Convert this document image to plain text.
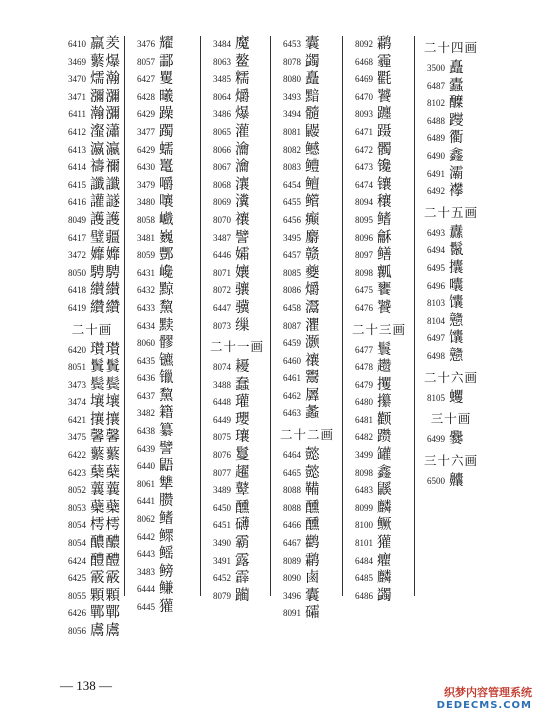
6410 羸羑
3469 蘩爆
3470 燸瀚
3471 瀰瀰
6411 瀚瀰
6412 瀣瀟
6413 瀛瀛
6414 禱禰
6415 讖讖
6416 讙譢
8049 護護
6417 璧疆
3472 孊孊
8050 騁騁
6418 纉纉
6419 纘纘
二十画
6420 瓉瓉
8051 鬒鬒
3473 鬓鬓
3474 壤壤
6421 攘攘
3475 馨馨
6422 蘩蘩
6423 蘖蘖
8052 蘘蘘
8053 蘗蘗
8054 樗樗
8054 醲醲
6424 醴醴
6425 霰霰
8055 顆顆
6426 鄲鄲
8056 鬳鬳
3476 耀
8057 酃
6427 矍
6428 曦
6429 躁
3477 躅
6429 蠕
6430 鼍
3479 嚼
3480 嚷
8058 巇
3481 巍
8059 酆
6431 巉
6432 黥
6433 黧
6434 黩
8060 髎
6435 镳
6436 镴
6437 黧
3482 籍
6438 纂
6439 譬
6440 鼯
8061 犨
6441 臜
8062 鳍
6442 鳏
6443 鳐
3483 鳑
6444 鳒
6445 獾
3484 魔
8063 鳌
3485 糯
8064 爝
3486 爆
8065 灌
8066 瀹
8067 瀹
8068 瀼
8069 瀵
8070 禳
3487 譬
6446 孀
8071 孃
8072 骧
6447 骥
8073 缫
二十一画
8074 耰
3488 蠢
6448 瓘
6449 瓔
8075 瓖
8076 鬘
8077 趯
3489 鼙
6450 醺
6451 礴
3490 霸
3491 露
6452 霹
8079 躏
6453 囊
8078 蠲
8080 矗
3493 黯
3494 髓
8081 鼹
8082 鳡
8083 鳢
6454 鳣
6455 鳤
6456 癫
3495 麝
6457 赣
8085 夔
8086 爝
6458 灊
8087 灈
6459 灏
6460 禳
6461 鬻
6462 羼
6463 蠡
二十二画
6464 懿
6465 懿
8088 鞴
8088 醺
6466 醺
6467 鹳
8089 鹴
8090 鹵
3496 囊
8091 礵
8092 鹴
6468 霾
6469 氍
6470 饕
8093 躔
6471 蹑
6472 髑
6473 镵
6474 镶
8094 穰
8095 鳍
8096 龢
8097 鳝
8098 瓤
6475 饔
6476 饕
二十三画
6477 鬟
6478 趱
6479 攫
6480 攥
6481 颧
6482 躜
3499 罐
8098 鑫
6483 鼷
8099 麟
8100 鳜
8101 獾
6484 癯
6485 麟
6486 蠲
二十四画
3500 矗
6487 蠹
8102 醾
6488 躞
6489 衢
6490 鑫
6491 灞
6492 襻
二十五画
6493 纛
6494 鬣
6495 攮
6496 囔
8103 馕
8104 戆
6497 馕
6498 戆
二十六画
8105 蠼
三十画
6499 爨
三十六画
6500 齉
— 138 —	织梦内容管理系统
DEDECMS.COM
